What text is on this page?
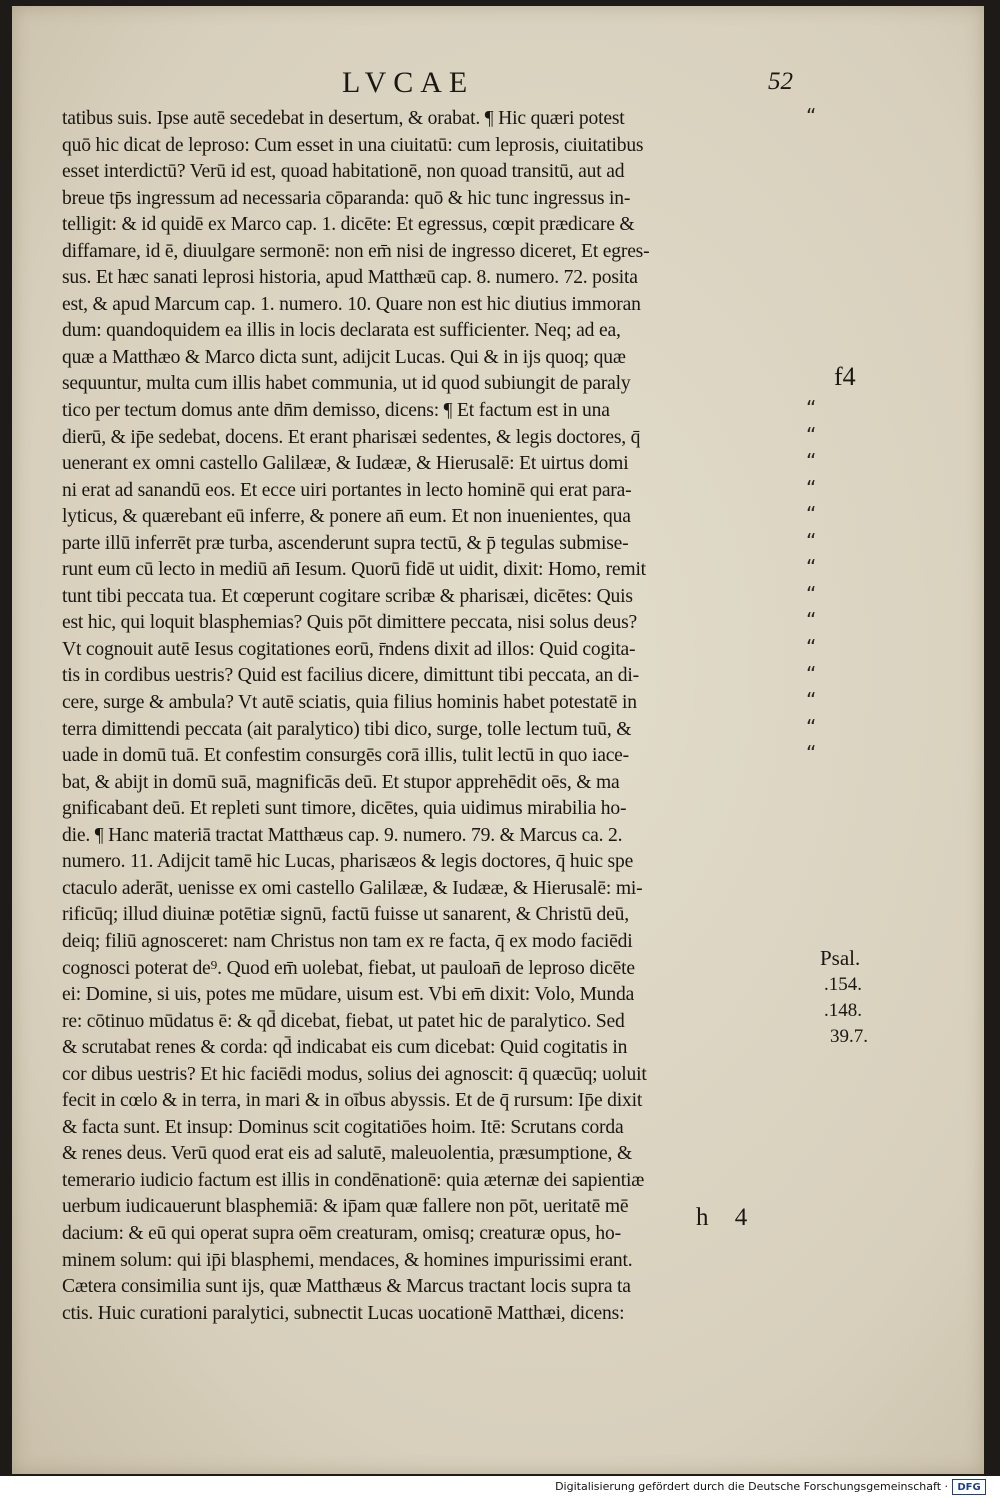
LVCAE	52
tatibus suis. Ipse autē secedebat in desertum, & orabat. ¶ Hic quæri potest
quō hic dicat de leproso: Cum esset in una ciuitatū: cum leprosis, ciuitatibus
esset interdictū? Verū id est, quoad habitationē, non quoad transitū, aut ad
breue tp̄s ingressum ad necessaria cōparanda: quō & hic tunc ingressus in-
telligit: & id quidē ex Marco cap. 1. dicēte: Et egressus, cœpit prædicare &
diffamare, id ē, diuulgare sermonē: non em̄ nisi de ingresso diceret, Et egres-
sus. Et hæc sanati leprosi historia, apud Matthæū cap. 8. numero. 72. posita
est, & apud Marcum cap. 1. numero. 10. Quare non est hic diutius immoran
dum: quandoquidem ea illis in locis declarata est sufficienter. Neq; ad ea,
quæ a Matthæo & Marco dicta sunt, adijcit Lucas. Qui & in ijs quoq; quæ
sequuntur, multa cum illis habet communia, ut id quod subiungit de paraly
tico per tectum domus ante dn̄m demisso, dicens: ¶ Et factum est in una
dierū, & ip̄e sedebat, docens. Et erant pharisæi sedentes, & legis doctores, q̄
uenerant ex omni castello Galilææ, & Iudææ, & Hierusalē: Et uirtus domi
ni erat ad sanandū eos. Et ecce uiri portantes in lecto hominē qui erat para-
lyticus, & quærebant eū inferre, & ponere an̄ eum. Et non inuenientes, qua
parte illū inferrēt præ turba, ascenderunt supra tectū, & p̄ tegulas submise-
runt eum cū lecto in mediū an̄ Iesum. Quorū fidē ut uidit, dixit: Homo, remit
tunt tibi peccata tua. Et cœperunt cogitare scribæ & pharisæi, dicētes: Quis
est hic, qui loquit blasphemias? Quis pōt dimittere peccata, nisi solus deus?
Vt cognouit autē Iesus cogitationes eorū, r̄ndens dixit ad illos: Quid cogita-
tis in cordibus uestris? Quid est facilius dicere, dimittunt tibi peccata, an di-
cere, surge & ambula? Vt autē sciatis, quia filius hominis habet potestatē in
terra dimittendi peccata (ait paralytico) tibi dico, surge, tolle lectum tuū, &
uade in domū tuā. Et confestim consurgēs corā illis, tulit lectū in quo iace-
bat, & abijt in domū suā, magnificās deū. Et stupor apprehēdit oēs, & ma
gnificabant deū. Et repleti sunt timore, dicētes, quia uidimus mirabilia ho-
die. ¶ Hanc materiā tractat Matthæus cap. 9. numero. 79. & Marcus ca. 2.
numero. 11. Adijcit tamē hic Lucas, pharisæos & legis doctores, q̄ huic spe
ctaculo aderāt, uenisse ex omi castello Galilææ, & Iudææ, & Hierusalē: mi-
rificūq; illud diuinæ potētiæ signū, factū fuisse ut sanarent, & Christū deū,
deiq; filiū agnosceret: nam Christus non tam ex re facta, q̄ ex modo faciēdi
cognosci poterat de⁹. Quod em̄ uolebat, fiebat, ut pauloan̄ de leproso dicēte
ei: Domine, si uis, potes me mūdare, uisum est. Vbi em̄ dixit: Volo, Munda
re: cōtinuo mūdatus ē: & qd̄ dicebat, fiebat, ut patet hic de paralytico. Sed
& scrutabat renes & corda: qd̄ indicabat eis cum dicebat: Quid cogitatis in
cor dibus uestris? Et hic faciēdi modus, solius dei agnoscit: q̄ quæcūq; uoluit
fecit in cœlo & in terra, in mari & in oībus abyssis. Et de q̄ rursum: Ip̄e dixit
& facta sunt. Et insup: Dominus scit cogitatiōes hoim. Itē: Scrutans corda
& renes deus. Verū quod erat eis ad salutē, maleuolentia, præsumptione, &
temerario iudicio factum est illis in condēnationē: quia æternæ dei sapientiæ
uerbum iudicauerunt blasphemiā: & ip̄am quæ fallere non pōt, ueritatē mē
dacium: & eū qui operat supra oēm creaturam, omisq; creaturæ opus, ho-
minem solum: qui ip̄i blasphemi, mendaces, & homines impurissimi erant.
Cætera consimilia sunt ijs, quæ Matthæus & Marcus tractant locis supra ta
ctis. Huic curationi paralytici, subnectit Lucas uocationē Matthæi, dicens:
“
“
“
“
“
“
“
“
“
“
“
“
“
“
“
f4
Psal.
.154.
.148.
39.7.
h 4
Digitalisierung gefördert durch die Deutsche Forschungsgemeinschaft · DFG
